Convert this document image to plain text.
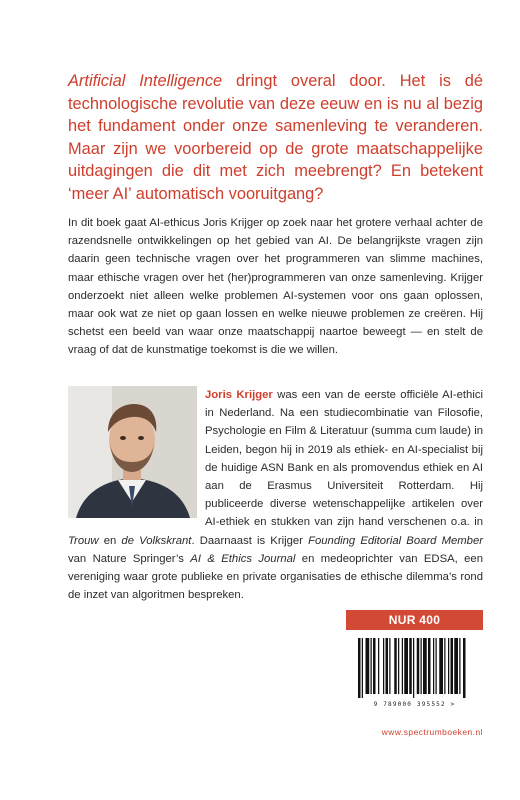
Artificial Intelligence dringt overal door. Het is dé technologische revolutie van deze eeuw en is nu al bezig het fundament onder onze samenleving te veranderen. Maar zijn we voorbereid op de grote maatschappelijke uitdagingen die dit met zich meebrengt? En betekent ‘meer AI’ automatisch vooruitgang?

In dit boek gaat AI-ethicus Joris Krijger op zoek naar het grotere verhaal achter de razendsnelle ontwikkelingen op het gebied van AI. De belangrijkste vragen zijn daarin geen technische vragen over het programmeren van slimme machines, maar ethische vragen over het (her)programmeren van onze samenleving. Krijger onderzoekt niet alleen welke problemen AI-systemen voor ons gaan oplossen, maar ook wat ze niet op gaan lossen en welke nieuwe problemen ze creëren. Hij schetst een beeld van waar onze maatschappij naartoe beweegt — en stelt de vraag of dat de kunstmatige toekomst is die we willen.

Joris Krijger was een van de eerste officiële AI-ethici in Nederland. Na een studiecombinatie van Filosofie, Psychologie en Film & Literatuur (summa cum laude) in Leiden, begon hij in 2019 als ethiek- en AI-specialist bij de huidige ASN Bank en als promovendus ethiek en AI aan de Erasmus Universiteit Rotterdam. Hij publiceerde diverse wetenschappelijke artikelen over AI-ethiek en stukken van zijn hand verschenen o.a. in Trouw en de Volkskrant. Daarnaast is Krijger Founding Editorial Board Member van Nature Springer’s AI & Ethics Journal en medeoprichter van EDSA, een vereniging waar grote publieke en private organisaties de ethische dilemma’s rond de inzet van algoritmen bespreken.

NUR 400
9 789000 395552 >
www.spectrumboeken.nl
